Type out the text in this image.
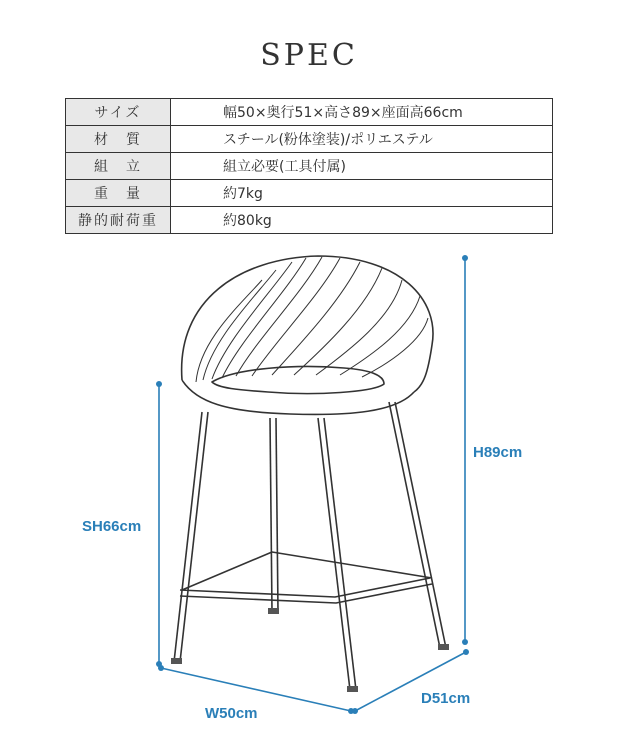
SPEC
サイズ	幅50×奥行51×高さ89×座面高66cm
材　質	スチール(粉体塗装)/ポリエステル
組　立	組立必要(工具付属)
重　量	約7kg
静的耐荷重	約80kg
H89cm
SH66cm
W50cm
D51cm
